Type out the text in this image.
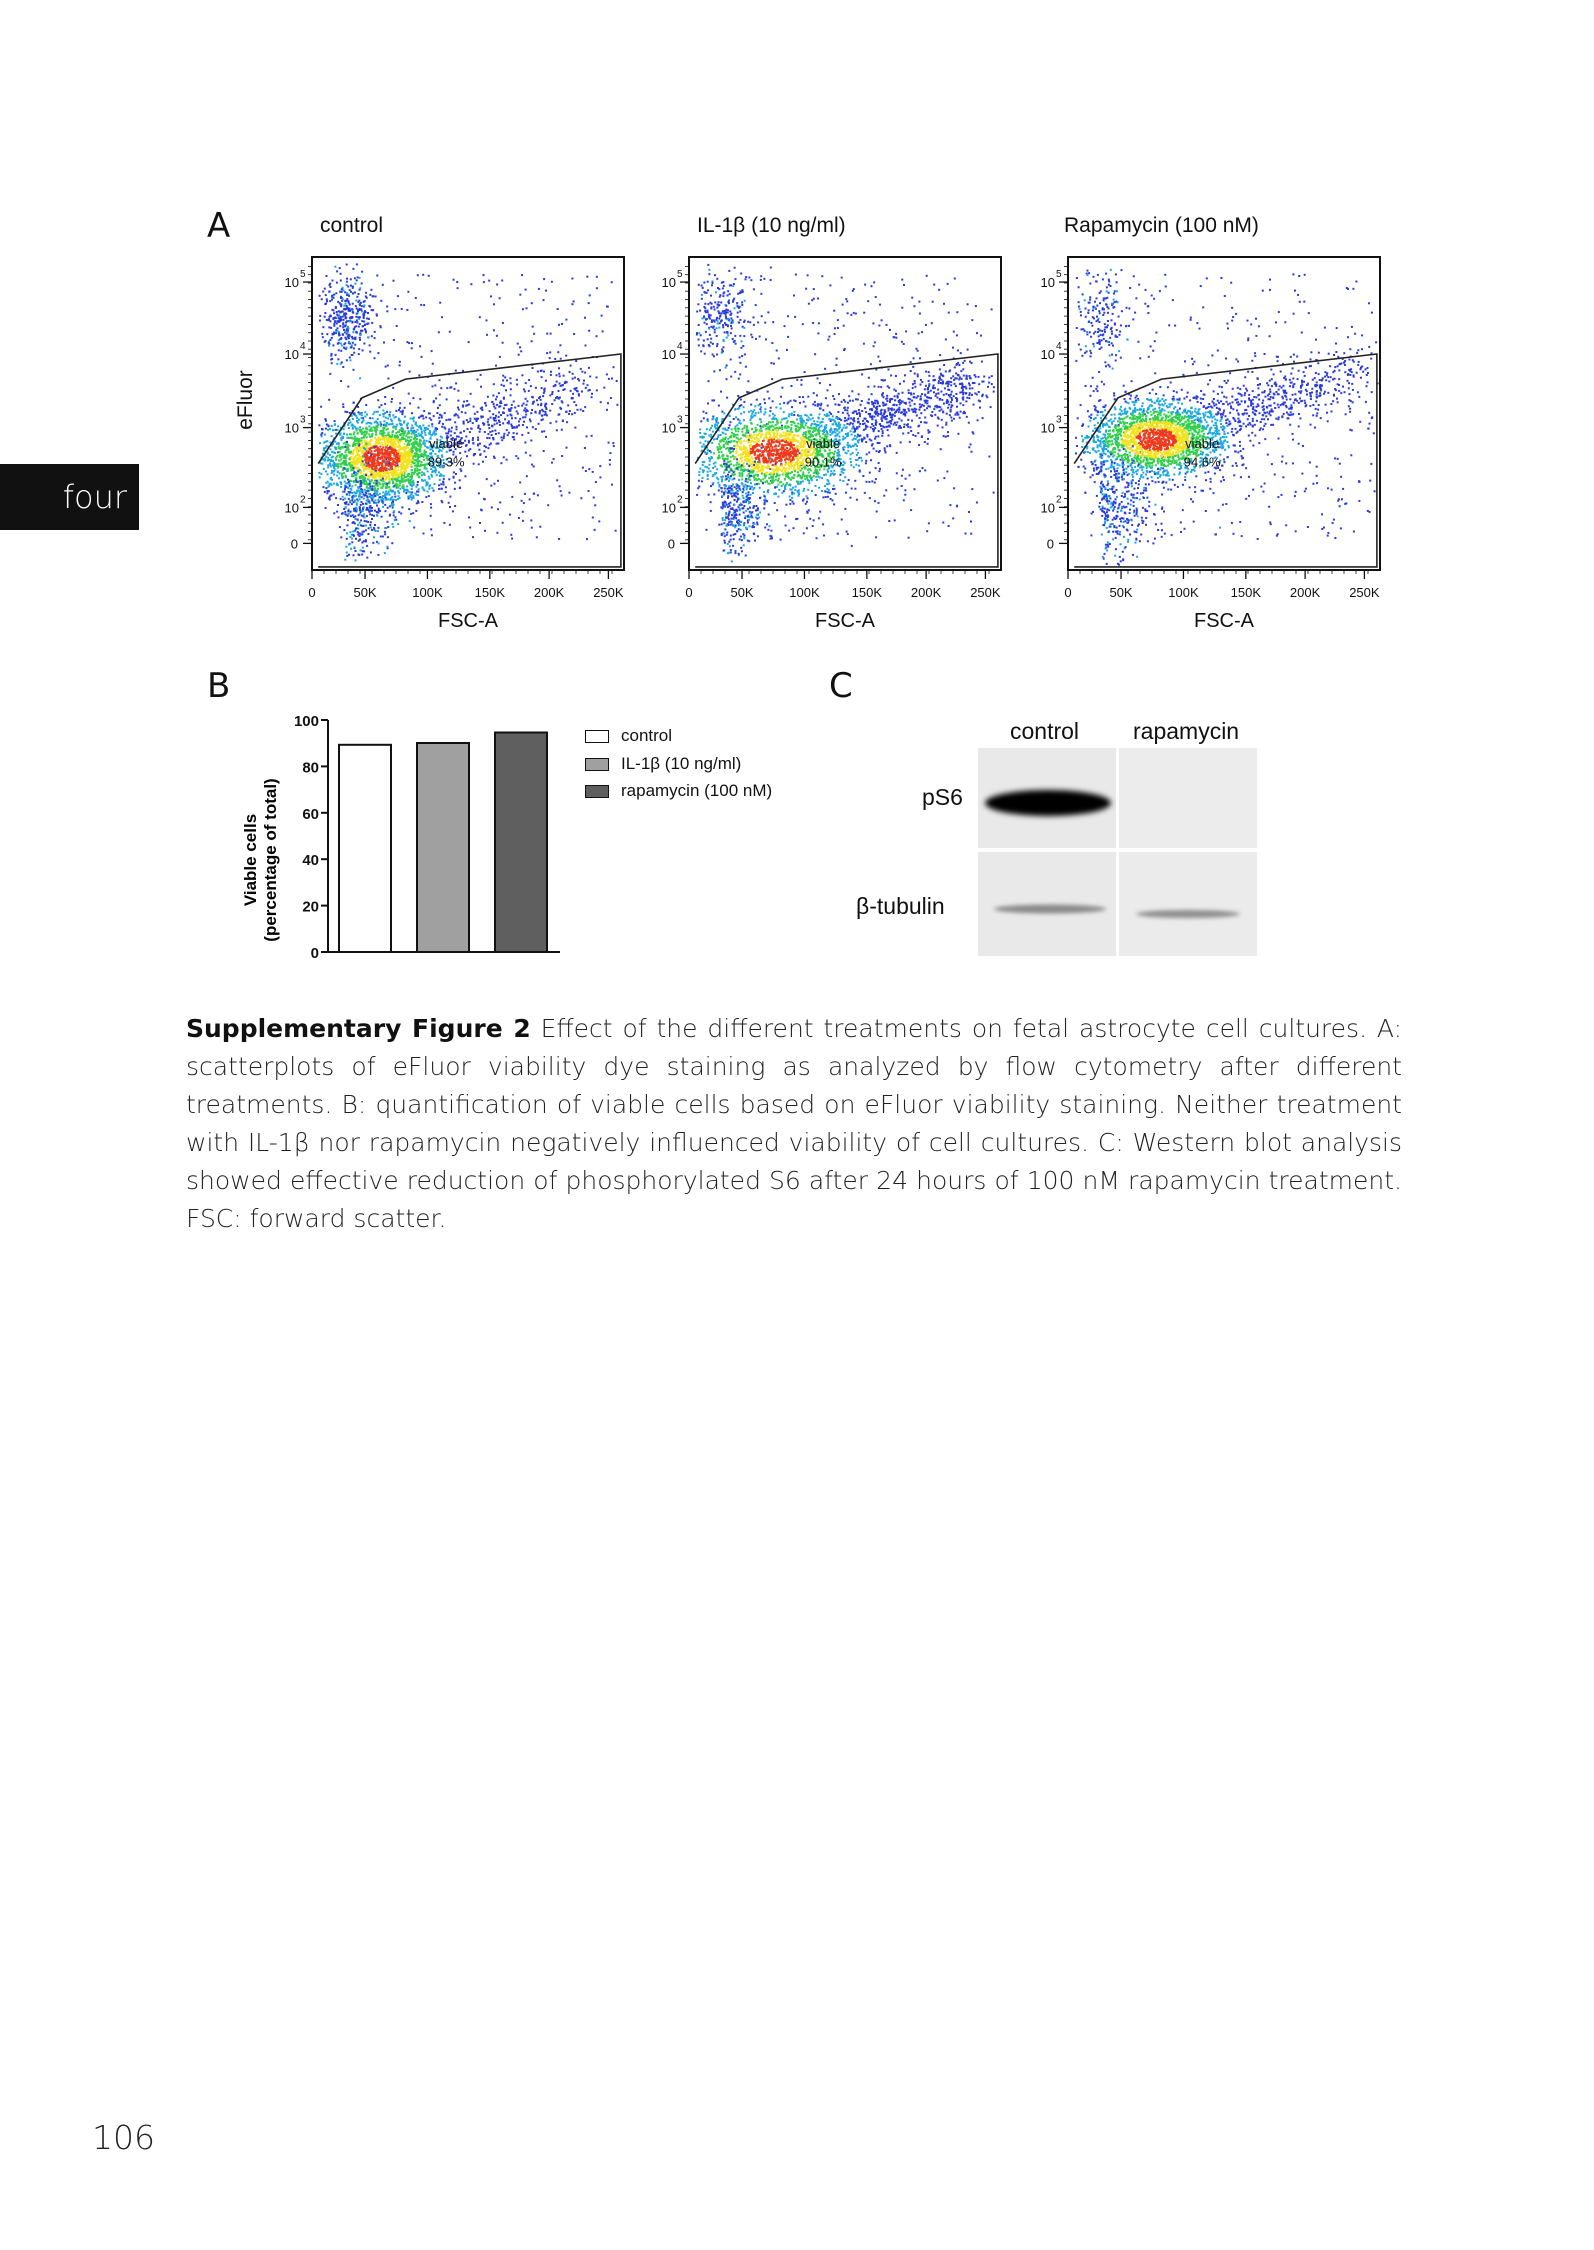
four
A	control	IL-1β (10 ng/ml)	Rapamycin (100 nM)
viable
89,3%
10
5
10
4
10
3
10
2
0
0	50K	100K 150K 200K 250K
FSC-A
viable
90,1%
10
5
10
4
10
3
10
2
0
0	50K	100K 150K 200K 250K
FSC-A
viable
94,6%
10
5
10
4
10
3
10
2
0
0	50K	100K 150K 200K 250K
FSC-A
eFluor
B
Viable cells (percentage of total)
0
20
40
60
80
100
control
IL-1β (10 ng/ml)
rapamycin (100 nM)
C
control rapamycin
pS6
β-tubulin
Supplementary Figure 2 Effect of the different treatments on fetal astrocyte cell cultures. A: scatterplots of eFluor viability dye staining as analyzed by flow cytometry after different treatments. B: quantification of viable cells based on eFluor viability staining. Neither treatment with IL-1β nor rapamycin negatively influenced viability of cell cultures. C: Western blot analysis showed effective reduction of phosphorylated S6 after 24 hours of 100 nM rapamycin treatment. FSC: forward scatter.
106
